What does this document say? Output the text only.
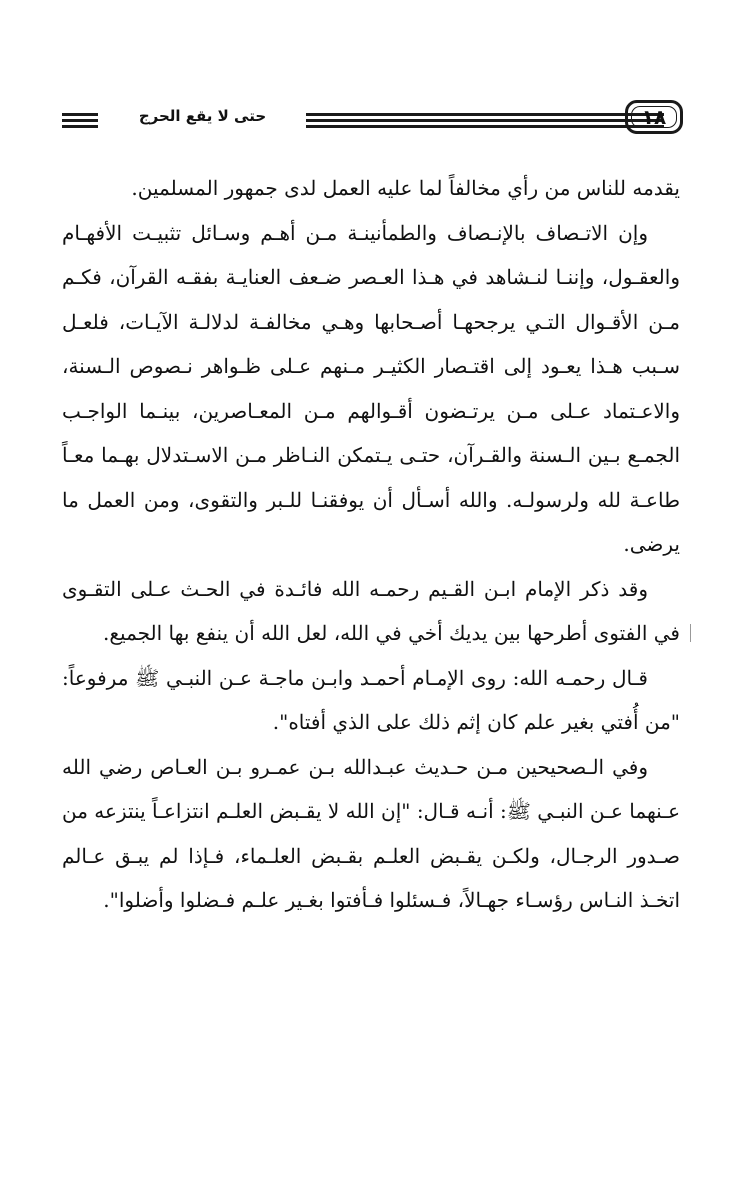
حتى لا يقع الحرج	١٨

يقدمه للناس من رأي مخالفاً لما عليه العمل لدى جمهور المسلمين.

وإن الاتـصاف بالإنـصاف والطمأنينـة مـن أهـم وسـائل تثبيـت الأفهـام والعقـول، وإننـا لنـشاهد في هـذا العـصر ضـعف العنايـة بفقـه القرآن، فكـم مـن الأقـوال التـي يرجحهـا أصـحابها وهـي مخالفـة لدلالـة الآيـات، فلعـل سـبب هـذا يعـود إلى اقتـصار الكثيـر مـنهم عـلى ظـواهر نـصوص الـسنة، والاعـتماد عـلى مـن يرتـضون أقـوالهم مـن المعـاصرين، بينـما الواجـب الجمـع بـين الـسنة والقـرآن، حتـى يـتمكن النـاظر مـن الاسـتدلال بهـما معـاً طاعـة لله ولرسولـه. والله أسـأل أن يوفقنـا للـبر والتقوى، ومن العمل ما يرضى.

وقد ذكر الإمام ابـن القـيم رحمـه الله فائـدة في الحـث عـلى التقـوى في الفتوى أطرحها بين يديك أخي في الله، لعل الله أن ينفع بها الجميع.

قـال رحمـه الله: روى الإمـام أحمـد وابـن ماجـة عـن النبـي ﷺ مرفوعاً: "من أُفتي بغير علم كان إثم ذلك على الذي أفتاه".

وفي الـصحيحين مـن حـديث عبـدالله بـن عمـرو بـن العـاص رضي الله عـنهما عـن النبـي ﷺ: أنـه قـال: "إن الله لا يقـبض العلـم انتزاعـاً ينتزعه من صـدور الرجـال، ولكـن يقـبض العلـم بقـبض العلـماء، فـإذا لم يبـق عـالم اتخـذ النـاس رؤسـاء جهـالاً، فـسئلوا فـأفتوا بغـير علـم فـضلوا وأضلوا".
